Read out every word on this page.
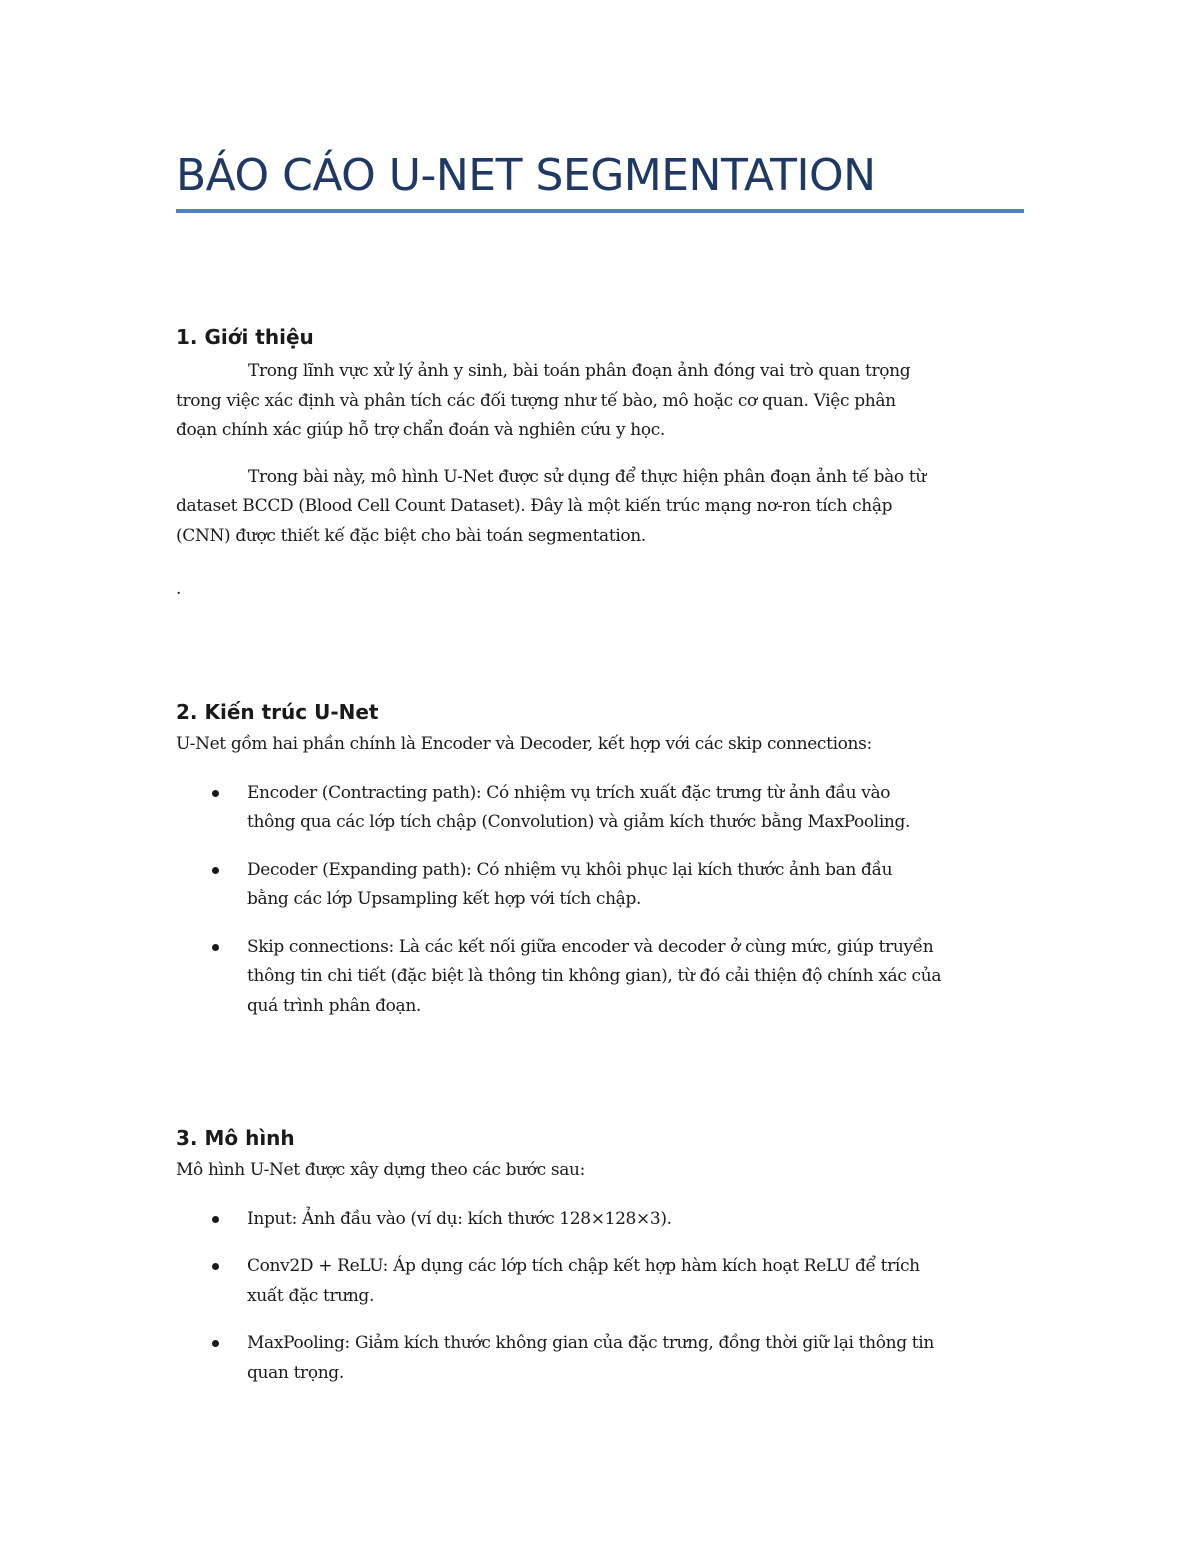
BÁO CÁO U-NET SEGMENTATION
1. Giới thiệu

Trong lĩnh vực xử lý ảnh y sinh, bài toán phân đoạn ảnh đóng vai trò quan trọng
trong việc xác định và phân tích các đối tượng như tế bào, mô hoặc cơ quan. Việc phân
đoạn chính xác giúp hỗ trợ chẩn đoán và nghiên cứu y học.

Trong bài này, mô hình U-Net được sử dụng để thực hiện phân đoạn ảnh tế bào từ
dataset BCCD (Blood Cell Count Dataset). Đây là một kiến trúc mạng nơ-ron tích chập
(CNN) được thiết kế đặc biệt cho bài toán segmentation.

.
2. Kiến trúc U-Net

U-Net gồm hai phần chính là Encoder và Decoder, kết hợp với các skip connections:

Encoder (Contracting path): Có nhiệm vụ trích xuất đặc trưng từ ảnh đầu vào
thông qua các lớp tích chập (Convolution) và giảm kích thước bằng MaxPooling.
Decoder (Expanding path): Có nhiệm vụ khôi phục lại kích thước ảnh ban đầu
bằng các lớp Upsampling kết hợp với tích chập.
Skip connections: Là các kết nối giữa encoder và decoder ở cùng mức, giúp truyền
thông tin chi tiết (đặc biệt là thông tin không gian), từ đó cải thiện độ chính xác của
quá trình phân đoạn.
3. Mô hình

Mô hình U-Net được xây dựng theo các bước sau:

Input: Ảnh đầu vào (ví dụ: kích thước 128×128×3).
Conv2D + ReLU: Áp dụng các lớp tích chập kết hợp hàm kích hoạt ReLU để trích
xuất đặc trưng.
MaxPooling: Giảm kích thước không gian của đặc trưng, đồng thời giữ lại thông tin
quan trọng.
